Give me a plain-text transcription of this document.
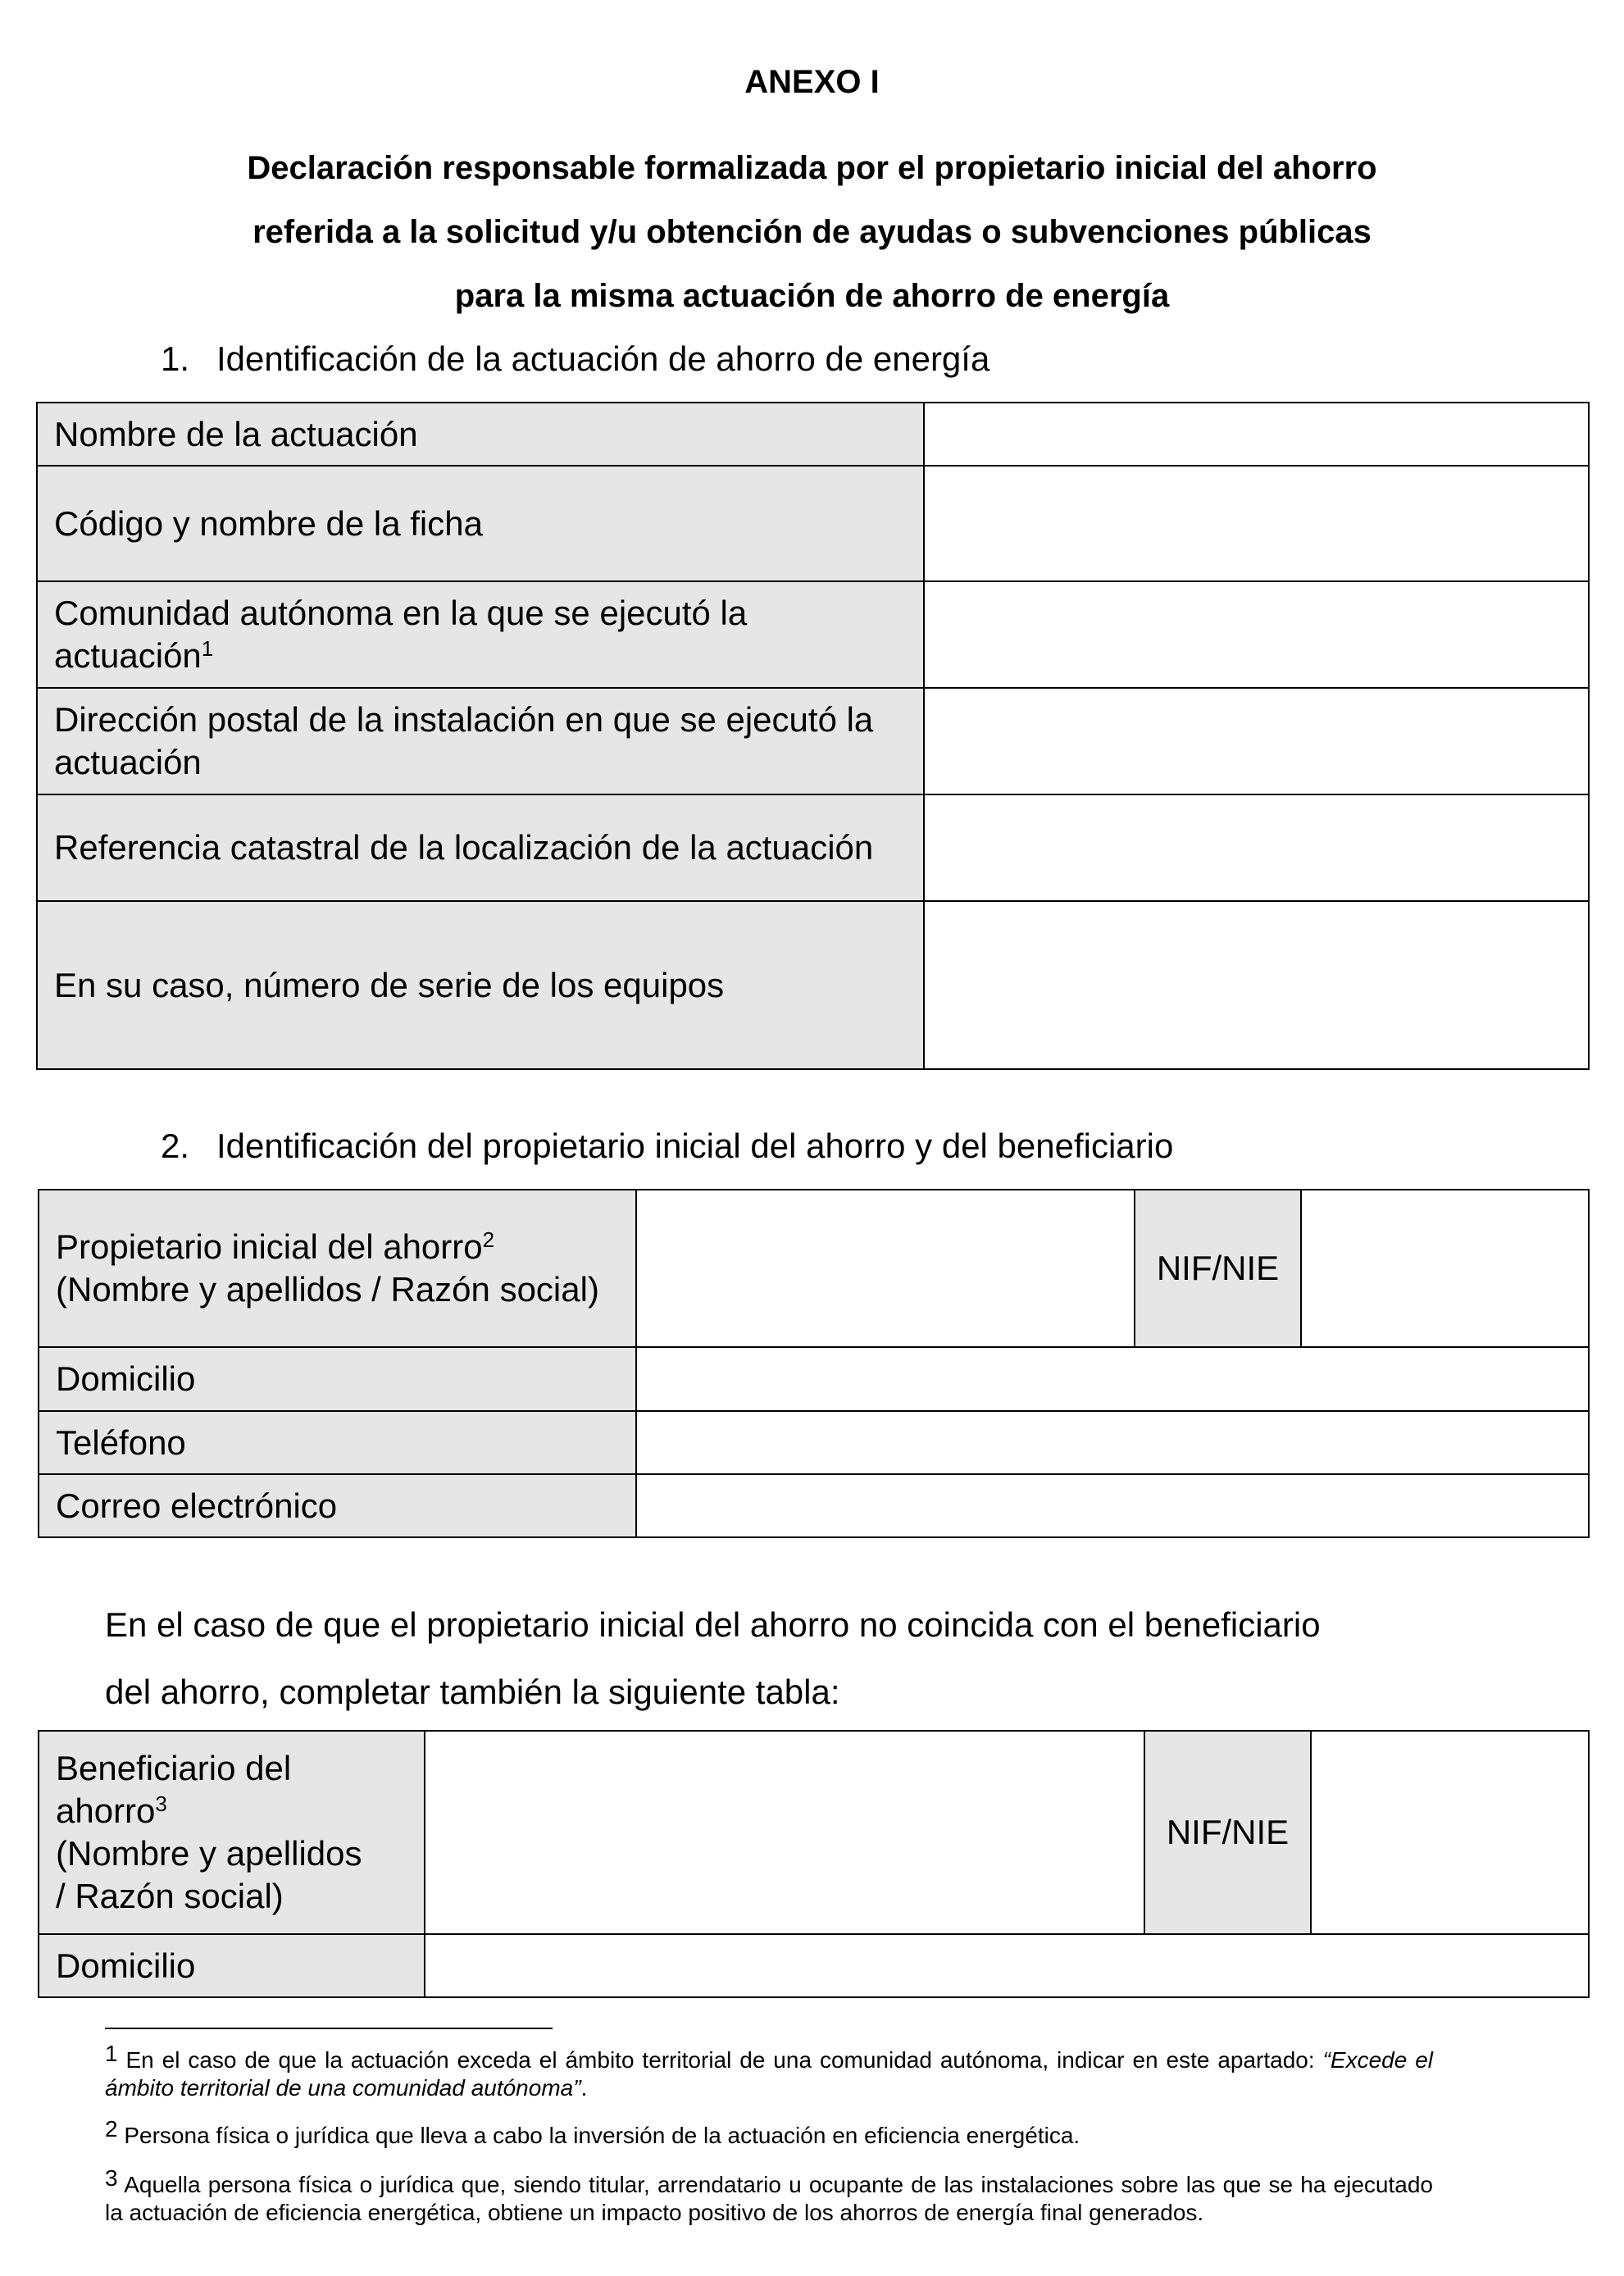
ANEXO I
Declaración responsable formalizada por el propietario inicial del ahorro
referida a la solicitud y/u obtención de ayudas o subvenciones públicas
para la misma actuación de ahorro de energía
1. Identificación de la actuación de ahorro de energía
Nombre de la actuación	
Código y nombre de la ficha	
Comunidad autónoma en la que se ejecutó la actuación$^1$	
Dirección postal de la instalación en que se ejecutó la actuación	
Referencia catastral de la localización de la actuación	
En su caso, número de serie de los equipos	
2. Identificación del propietario inicial del ahorro y del beneficiario
Propietario inicial del ahorro$^2$
(Nombre y apellidos / Razón social)		NIF/NIE	
Domicilio			
Teléfono			
Correo electrónico			
En el caso de que el propietario inicial del ahorro no coincida con el beneficiario
del ahorro, completar también la siguiente tabla:
Beneficiario del
ahorro$^3$
(Nombre y apellidos
/ Razón social)		NIF/NIE	
Domicilio			
$^1$ En el caso de que la actuación exceda el ámbito territorial de una comunidad autónoma, indicar en este apartado: “Excede el ámbito territorial de una comunidad autónoma”.
$^2$ Persona física o jurídica que lleva a cabo la inversión de la actuación en eficiencia energética.
$^3$ Aquella persona física o jurídica que, siendo titular, arrendatario u ocupante de las instalaciones sobre las que se ha ejecutado la actuación de eficiencia energética, obtiene un impacto positivo de los ahorros de energía final generados.
